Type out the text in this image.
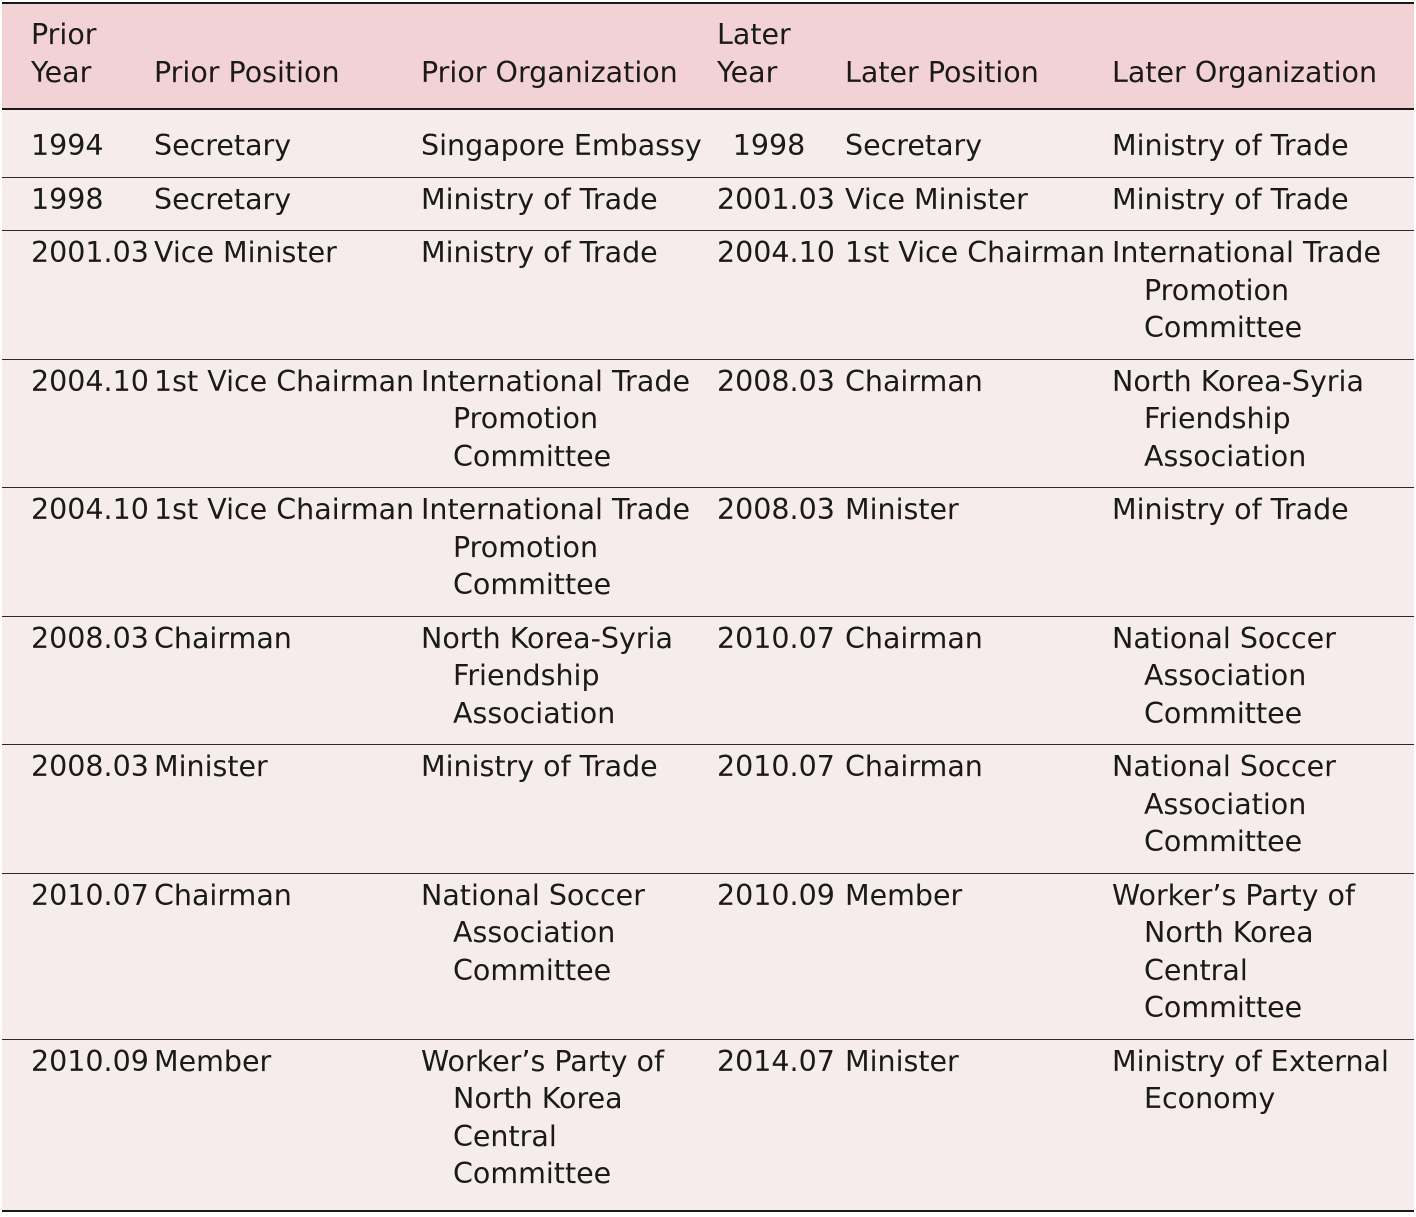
Prior Year	Prior Position	Prior Organization	Later Year	Later Position	Later Organization

1994	Secretary	Singapore Embassy	1998	Secretary	Ministry of Trade

1998	Secretary	Ministry of Trade	2001.03	Vice Minister	Ministry of Trade

2001.03	Vice Minister	Ministry of Trade	2004.10	1st Vice Chairman	International Trade Promotion Committee

2004.10	1st Vice Chairman	International Trade Promotion Committee	2008.03	Chairman	North Korea-Syria Friendship Association

2004.10	1st Vice Chairman	International Trade Promotion Committee	2008.03	Minister	Ministry of Trade

2008.03	Chairman	North Korea-Syria Friendship Association	2010.07	Chairman	National Soccer Association Committee

2008.03	Minister	Ministry of Trade	2010.07	Chairman	National Soccer Association Committee

2010.07	Chairman	National Soccer Association Committee	2010.09	Member	Worker’s Party of North Korea Central Committee

2010.09	Member	Worker’s Party of North Korea Central Committee	2014.07	Minister	Ministry of External Economy
